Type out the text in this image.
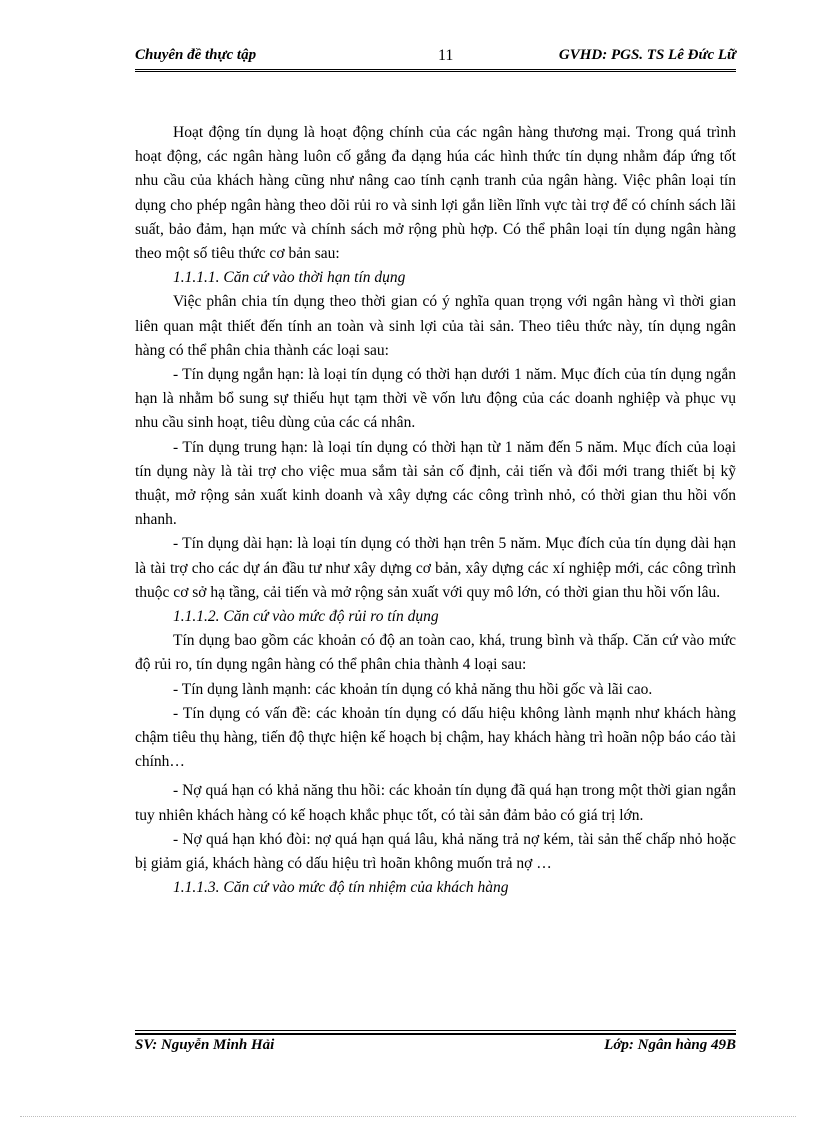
Chuyên đề thực tập	11	GVHD: PGS. TS Lê Đức Lữ

Hoạt động tín dụng là hoạt động chính của các ngân hàng thương mại. Trong quá trình hoạt động, các ngân hàng luôn cố gắng đa dạng húa các hình thức tín dụng nhằm đáp ứng tốt nhu cầu của khách hàng cũng như nâng cao tính cạnh tranh của ngân hàng. Việc phân loại tín dụng cho phép ngân hàng theo dõi rủi ro và sinh lợi gắn liền lĩnh vực tài trợ để có chính sách lãi suất, bảo đảm, hạn mức và chính sách mở rộng phù hợp. Có thể phân loại tín dụng ngân hàng theo một số tiêu thức cơ bản sau:

1.1.1.1. Căn cứ vào thời hạn tín dụng

Việc phân chia tín dụng theo thời gian có ý nghĩa quan trọng với ngân hàng vì thời gian liên quan mật thiết đến tính an toàn và sinh lợi của tài sản. Theo tiêu thức này, tín dụng ngân hàng có thể phân chia thành các loại sau:

- Tín dụng ngắn hạn: là loại tín dụng có thời hạn dưới 1 năm. Mục đích của tín dụng ngắn hạn là nhằm bổ sung sự thiếu hụt tạm thời về vốn lưu động của các doanh nghiệp và phục vụ nhu cầu sinh hoạt, tiêu dùng của các cá nhân.

- Tín dụng trung hạn: là loại tín dụng có thời hạn từ 1 năm đến 5 năm. Mục đích của loại tín dụng này là tài trợ cho việc mua sắm tài sản cố định, cải tiến và đổi mới trang thiết bị kỹ thuật, mở rộng sản xuất kinh doanh và xây dựng các công trình nhỏ, có thời gian thu hồi vốn nhanh.

- Tín dụng dài hạn: là loại tín dụng có thời hạn trên 5 năm. Mục đích của tín dụng dài hạn là tài trợ cho các dự án đầu tư như xây dựng cơ bản, xây dựng các xí nghiệp mới, các công trình thuộc cơ sở hạ tầng, cải tiến và mở rộng sản xuất với quy mô lớn, có thời gian thu hồi vốn lâu.

1.1.1.2. Căn cứ vào mức độ rủi ro tín dụng

Tín dụng bao gồm các khoản có độ an toàn cao, khá, trung bình và thấp. Căn cứ vào mức độ rủi ro, tín dụng ngân hàng có thể phân chia thành 4 loại sau:

- Tín dụng lành mạnh: các khoản tín dụng có khả năng thu hồi gốc và lãi cao.

- Tín dụng có vấn đề: các khoản tín dụng có dấu hiệu không lành mạnh như khách hàng chậm tiêu thụ hàng, tiến độ thực hiện kế hoạch bị chậm, hay khách hàng trì hoãn nộp báo cáo tài chính…

- Nợ quá hạn có khả năng thu hồi: các khoản tín dụng đã quá hạn trong một thời gian ngắn tuy nhiên khách hàng có kế hoạch khắc phục tốt, có tài sản đảm bảo có giá trị lớn.

- Nợ quá hạn khó đòi: nợ quá hạn quá lâu, khả năng trả nợ kém, tài sản thế chấp nhỏ hoặc bị giảm giá, khách hàng có dấu hiệu trì hoãn không muốn trả nợ …

1.1.1.3. Căn cứ vào mức độ tín nhiệm của khách hàng

SV: Nguyễn Minh Hải	Lớp: Ngân hàng 49B
